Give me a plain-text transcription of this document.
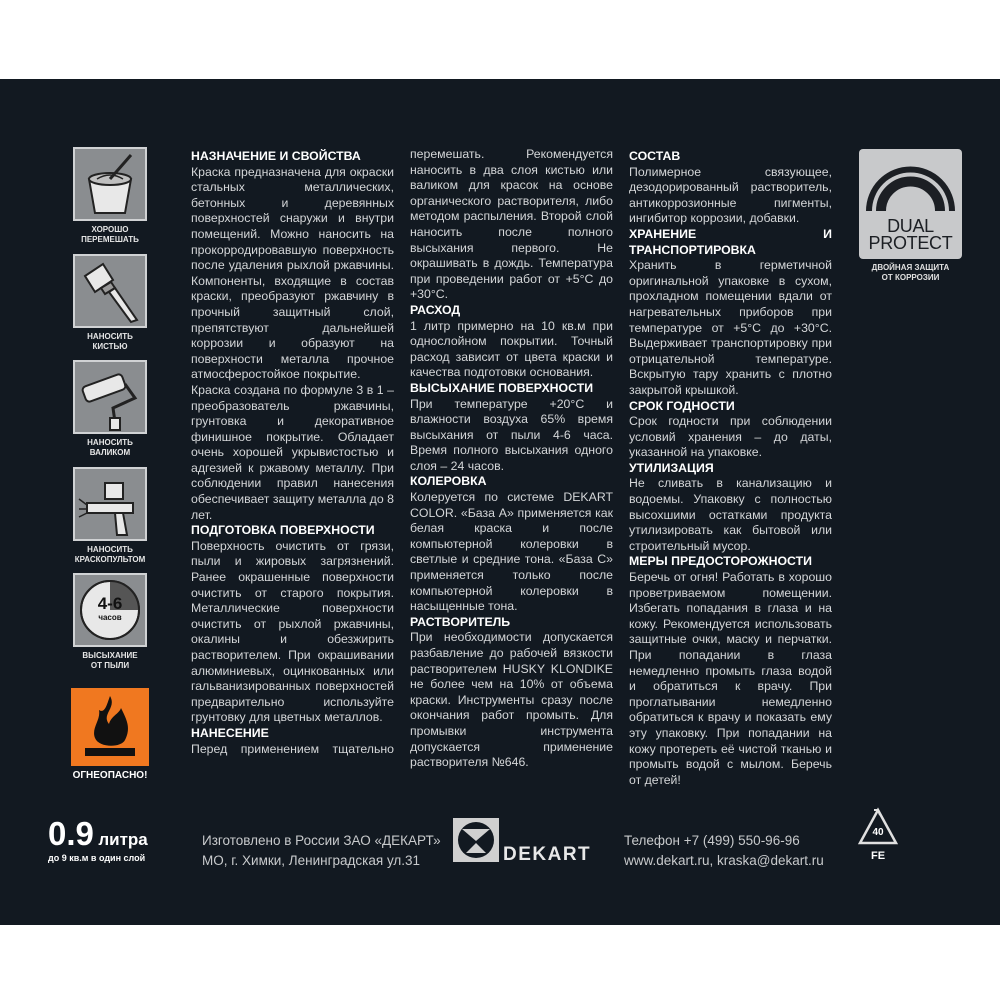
ХОРОШО
ПЕРЕМЕШАТЬ
НАНОСИТЬ
КИСТЬЮ
НАНОСИТЬ
ВАЛИКОМ
НАНОСИТЬ
КРАСКОПУЛЬТОМ
4-6
часов
ВЫСЫХАНИЕ
ОТ ПЫЛИ
ОГНЕОПАСНО!
НАЗНАЧЕНИЕ И СВОЙСТВА

Краска предназначена для окраски стальных металлических, бетонных и деревянных поверхностей снаружи и внутри помещений. Можно наносить на прокорродировавшую поверхность после удаления рыхлой ржавчины. Компоненты, входящие в состав краски, преобразуют ржавчину в прочный защитный слой, препятствуют дальнейшей коррозии и образуют на поверхности металла прочное атмосферостойкое покрытие.

Краска создана по формуле 3 в 1 – преобразователь ржавчины, грунтовка и декоративное финишное покрытие. Обладает очень хорошей укрывистостью и адгезией к ржавому металлу. При соблюдении правил нанесения обеспечивает защиту металла до 8 лет.

ПОДГОТОВКА ПОВЕРХНОСТИ

Поверхность очистить от грязи, пыли и жировых загрязнений. Ранее окрашенные поверхности очистить от старого покрытия. Металлические поверхности очистить от рыхлой ржавчины, окалины и обезжирить растворителем. При окрашивании алюминиевых, оцинкованных или гальванизированных поверхностей предварительно используйте грунтовку для цветных металлов.

НАНЕСЕНИЕ

Перед применением тщательно

перемешать. Рекомендуется наносить в два слоя кистью или валиком для красок на основе органического растворителя, либо методом распыления. Второй слой наносить после полного высыхания первого. Не окрашивать в дождь. Температура при проведении работ от +5°С до +30°С.

РАСХОД

1 литр примерно на 10 кв.м при однослойном покрытии. Точный расход зависит от цвета краски и качества подготовки основания.

ВЫСЫХАНИЕ ПОВЕРХНОСТИ

При температуре +20°С и влажности воздуха 65% время высыхания от пыли 4-6 часа. Время полного высыхания одного слоя – 24 часов.

КОЛЕРОВКА

Колеруется по системе DEKART COLOR. «База А» применяется как белая краска и после компьютерной колеровки в светлые и средние тона. «База С» применяется только после компьютерной колеровки в насыщенные тона.

РАСТВОРИТЕЛЬ

При необходимости допускается разбавление до рабочей вязкости растворителем HUSKY KLONDIKE не более чем на 10% от объема краски. Инструменты сразу после окончания работ промыть. Для промывки инструмента допускается применение растворителя №646.

СОСТАВ

Полимерное связующее, дезодорированный растворитель, антикоррозионные пигменты, ингибитор коррозии, добавки.

ХРАНЕНИЕ И ТРАНСПОРТИРОВКА

Хранить в герметичной оригинальной упаковке в сухом, прохладном помещении вдали от нагревательных приборов при температуре от +5°С до +30°С. Выдерживает транспортировку при отрицательной температуре. Вскрытую тару хранить с плотно закрытой крышкой.

СРОК ГОДНОСТИ

Срок годности при соблюдении условий хранения – до даты, указанной на упаковке.

УТИЛИЗАЦИЯ

Не сливать в канализацию и водоемы. Упаковку с полностью высохшими остатками продукта утилизировать как бытовой или строительный мусор.

МЕРЫ ПРЕДОСТОРОЖНОСТИ

Беречь от огня! Работать в хорошо проветриваемом помещении. Избегать попадания в глаза и на кожу. Рекомендуется использовать защитные очки, маску и перчатки. При попадании в глаза немедленно промыть глаза водой и обратиться к врачу. При проглатывании немедленно обратиться к врачу и показать ему эту упаковку. При попадании на кожу протереть её чистой тканью и промыть водой с мылом. Беречь от детей!

DUAL
PROTECT
ДВОЙНАЯ ЗАЩИТА
ОТ КОРРОЗИИ
0.9 литра
до 9 кв.м в один слой
Изготовлено в России ЗАО «ДЕКАРТ»
МО, г. Химки, Ленинградская ул.31	DEKART
Телефон +7 (499) 550-96-96
www.dekart.ru, kraska@dekart.ru
40
FE
